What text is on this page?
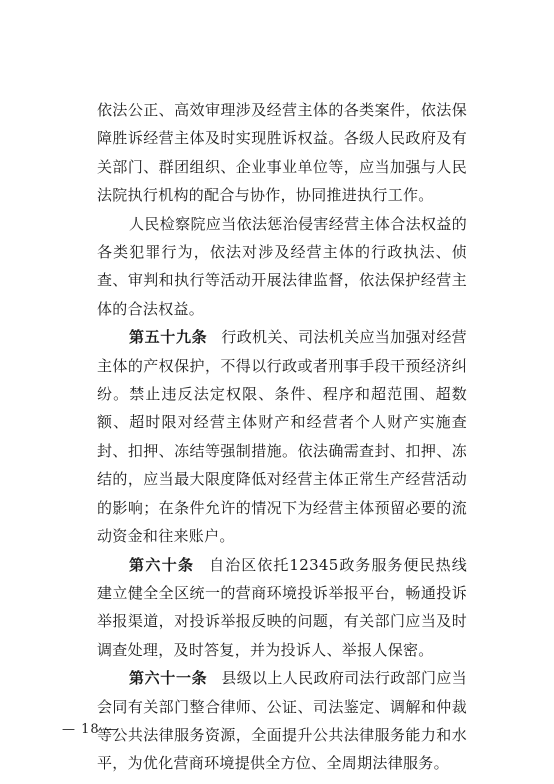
依法公正、高效审理涉及经营主体的各类案件，依法保障胜诉经营主体及时实现胜诉权益。各级人民政府及有关部门、群团组织、企业事业单位等，应当加强与人民法院执行机构的配合与协作，协同推进执行工作。

人民检察院应当依法惩治侵害经营主体合法权益的各类犯罪行为，依法对涉及经营主体的行政执法、侦查、审判和执行等活动开展法律监督，依法保护经营主体的合法权益。

第五十九条 行政机关、司法机关应当加强对经营主体的产权保护，不得以行政或者刑事手段干预经济纠纷。禁止违反法定权限、条件、程序和超范围、超数额、超时限对经营主体财产和经营者个人财产实施查封、扣押、冻结等强制措施。依法确需查封、扣押、冻结的，应当最大限度降低对经营主体正常生产经营活动的影响；在条件允许的情况下为经营主体预留必要的流动资金和往来账户。

第六十条 自治区依托12345政务服务便民热线建立健全全区统一的营商环境投诉举报平台，畅通投诉举报渠道，对投诉举报反映的问题，有关部门应当及时调查处理，及时答复，并为投诉人、举报人保密。

第六十一条 县级以上人民政府司法行政部门应当会同有关部门整合律师、公证、司法鉴定、调解和仲裁等公共法律服务资源，全面提升公共法律服务能力和水平，为优化营商环境提供全方位、全周期法律服务。

— 18 —
